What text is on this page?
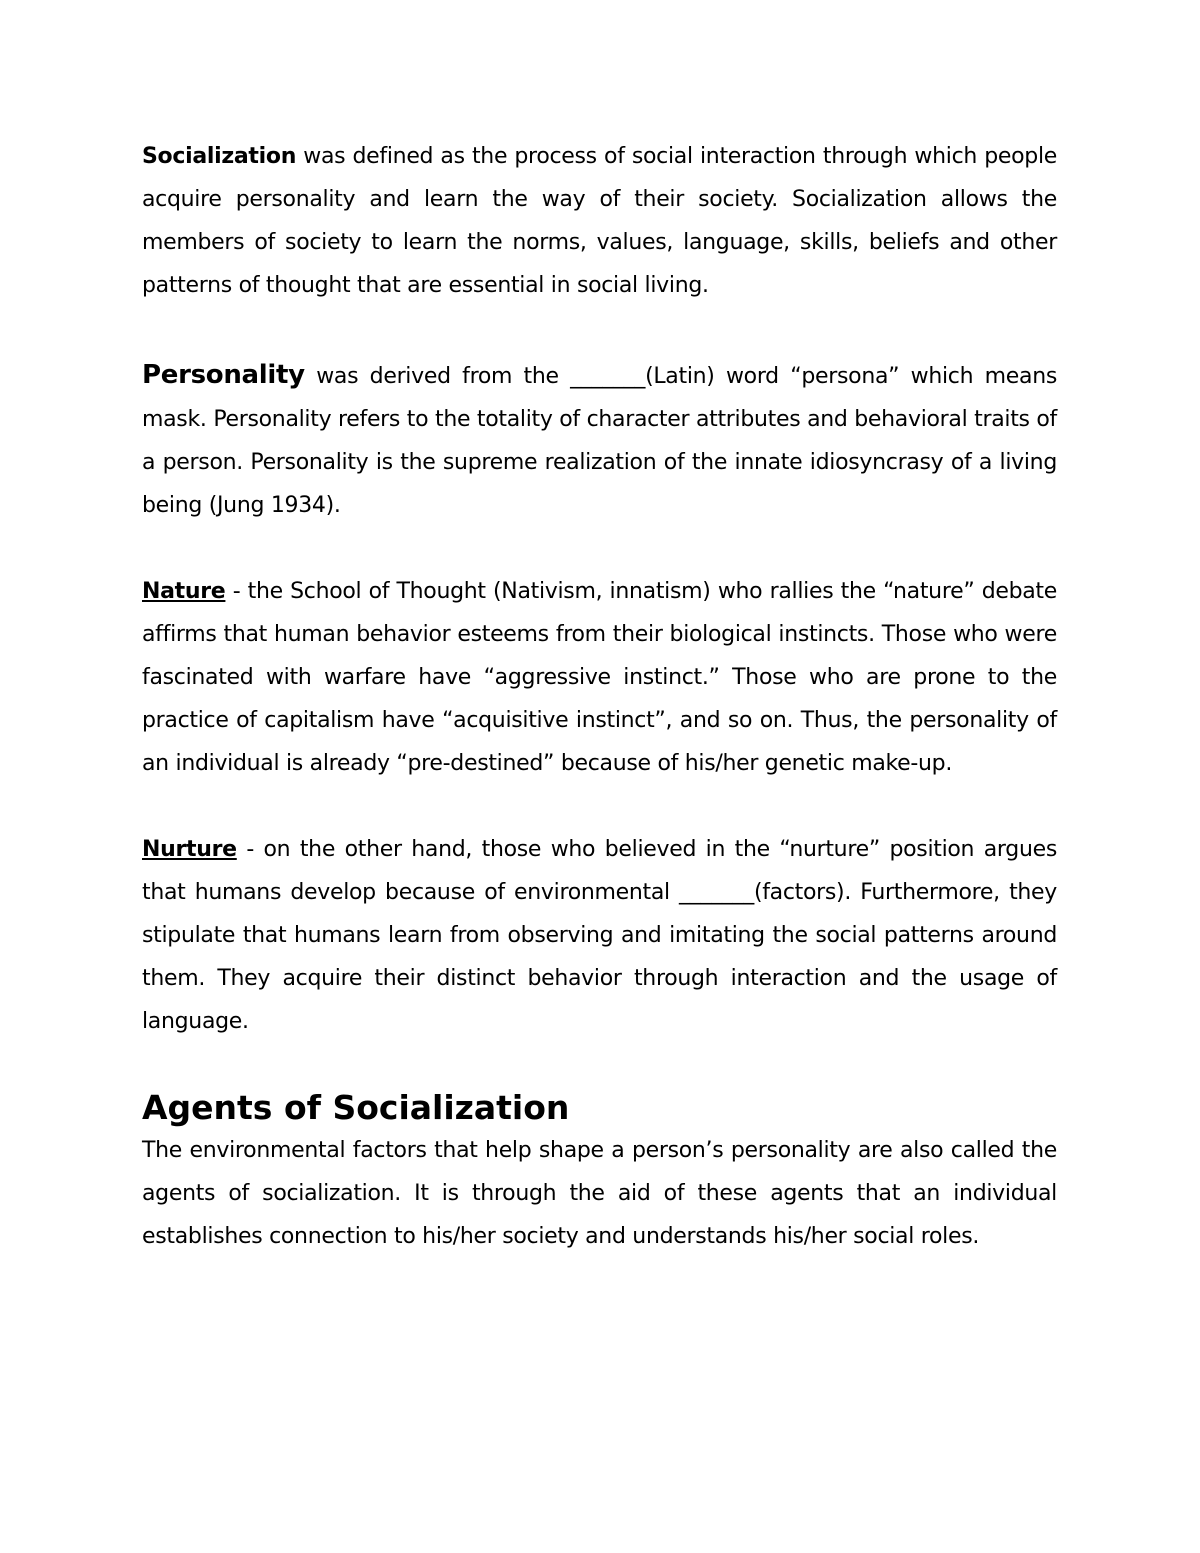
Socialization was defined as the process of social interaction through which people acquire personality and learn the way of their society. Socialization allows the members of society to learn the norms, values, language, skills, beliefs and other patterns of thought that are essential in social living.

Personality was derived from the _______(Latin) word “persona” which means mask. Personality refers to the totality of character attributes and behavioral traits of a person. Personality is the supreme realization of the innate idiosyncrasy of a living being (Jung 1934).

Nature - the School of Thought (Nativism, innatism) who rallies the “nature” debate affirms that human behavior esteems from their biological instincts. Those who were fascinated with warfare have “aggressive instinct.” Those who are prone to the practice of capitalism have “acquisitive instinct”, and so on. Thus, the personality of an individual is already “pre-destined” because of his/her genetic make-up.

Nurture - on the other hand, those who believed in the “nurture” position argues that humans develop because of environmental _______(factors). Furthermore, they stipulate that humans learn from observing and imitating the social patterns around them. They acquire their distinct behavior through interaction and the usage of language.

Agents of Socialization

The environmental factors that help shape a person’s personality are also called the agents of socialization. It is through the aid of these agents that an individual establishes connection to his/her society and understands his/her social roles.
